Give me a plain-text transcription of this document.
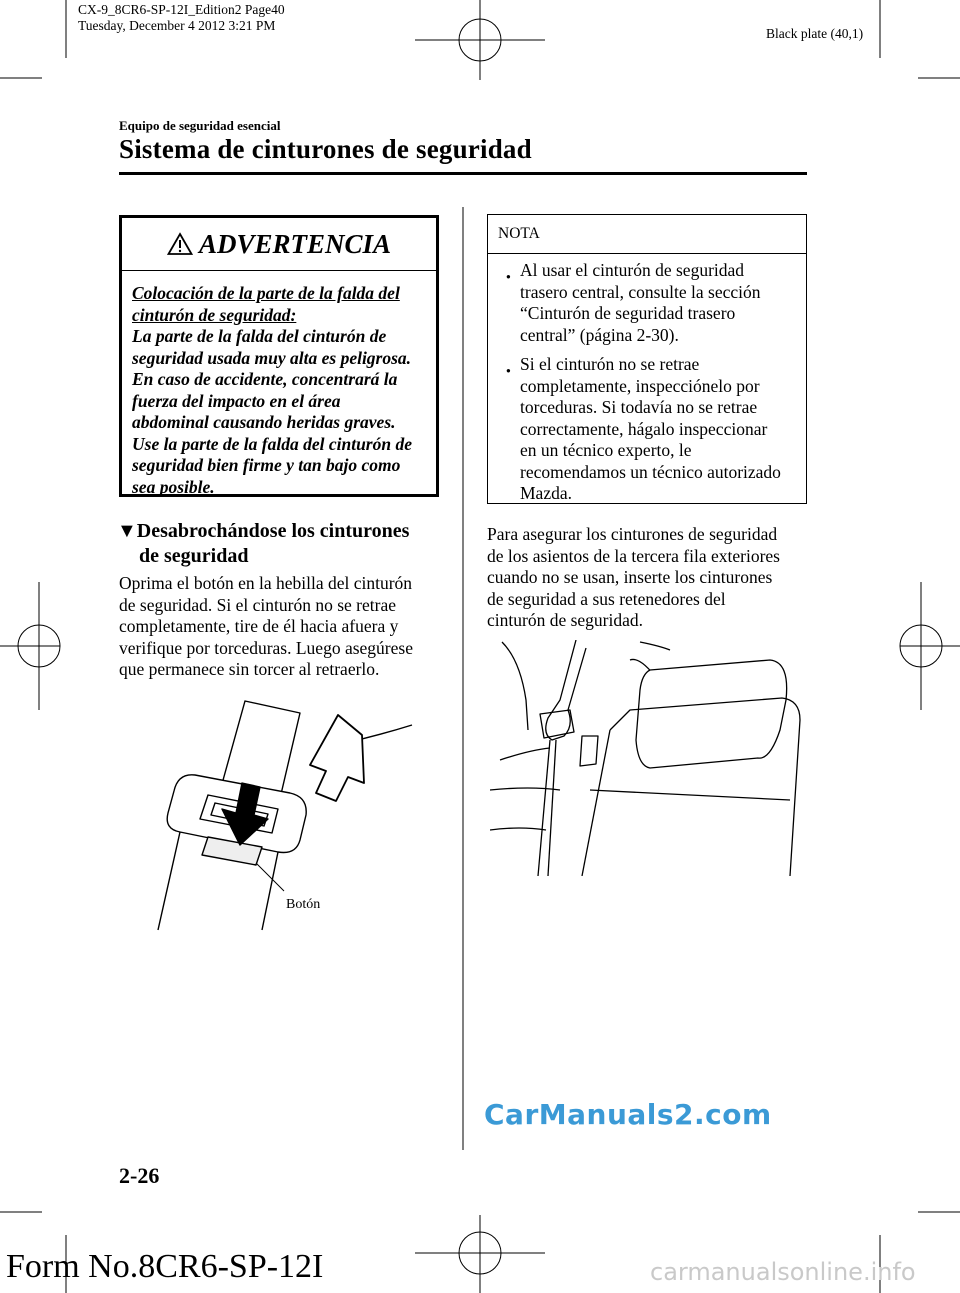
CX-9_8CR6-SP-12I_Edition2 Page40
Tuesday, December 4 2012 3:21 PM
Black plate (40,1)
Equipo de seguridad esencial
Sistema de cinturones de seguridad
ADVERTENCIA
Colocación de la parte de la falda del
cinturón de seguridad:
La parte de la falda del cinturón de
seguridad usada muy alta es peligrosa.
En caso de accidente, concentrará la
fuerza del impacto en el área
abdominal causando heridas graves.
Use la parte de la falda del cinturón de
seguridad bien firme y tan bajo como
sea posible.
▼Desabrochándose los cinturones
de seguridad
Oprima el botón en la hebilla del cinturón
de seguridad. Si el cinturón no se retrae
completamente, tire de él hacia afuera y
verifique por torceduras. Luego asegúrese
que permanece sin torcer al retraerlo.
Botón
NOTA
● Al usar el cinturón de seguridad
trasero central, consulte la sección
“Cinturón de seguridad trasero
central” (página 2-30).
● Si el cinturón no se retrae
completamente, inspecciónelo por
torceduras. Si todavía no se retrae
correctamente, hágalo inspeccionar
en un técnico experto, le
recomendamos un técnico autorizado
Mazda.
Para asegurar los cinturones de seguridad
de los asientos de la tercera fila exteriores
cuando no se usan, inserte los cinturones
de seguridad a sus retenedores del
cinturón de seguridad.
2-26
Form No.8CR6-SP-12I
CarManuals2.com
carmanualsonline.info
